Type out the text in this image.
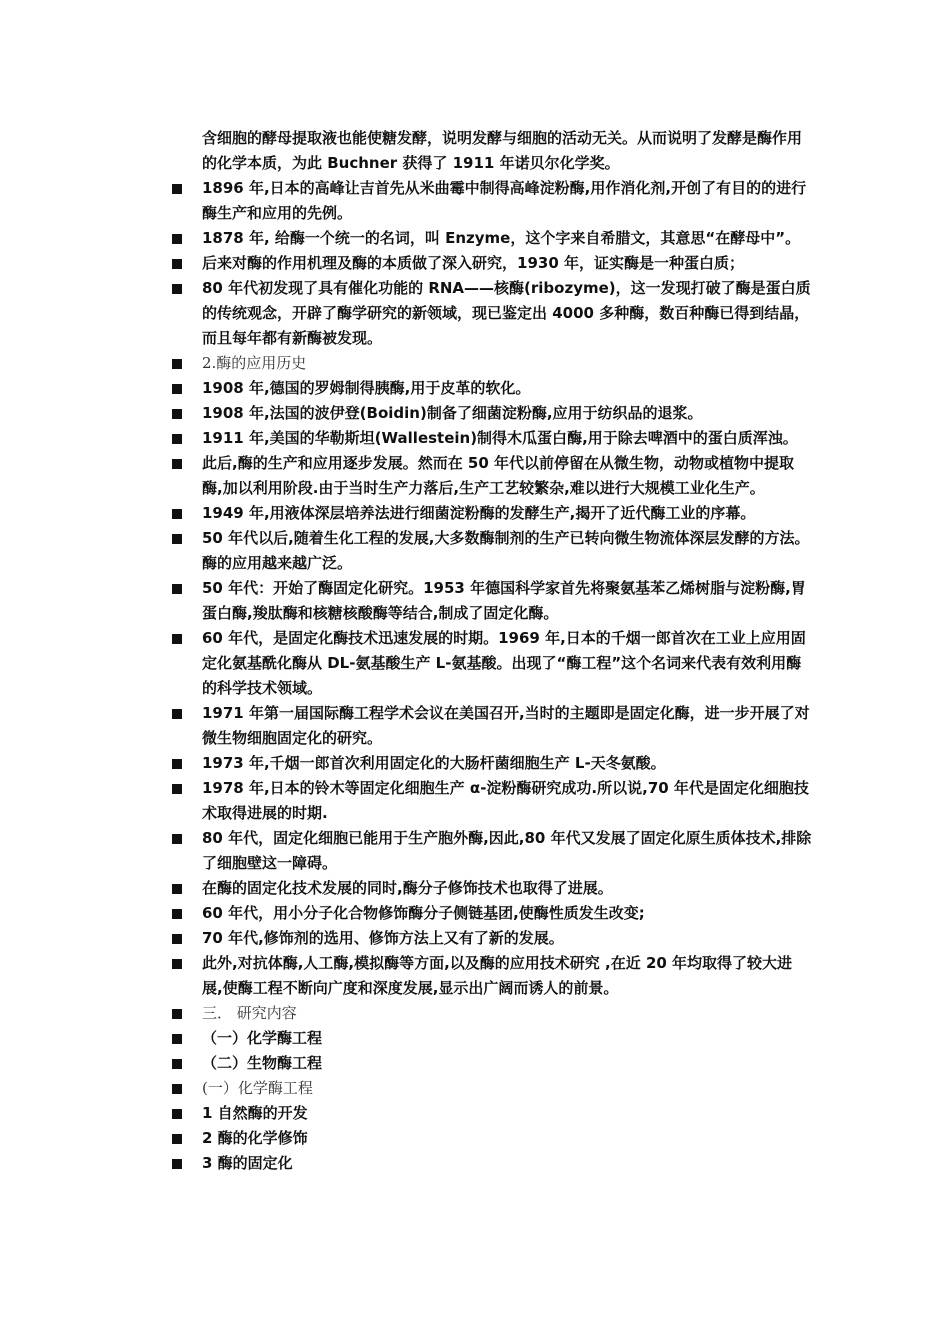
含细胞的酵母提取液也能使糖发酵，说明发酵与细胞的活动无关。从而说明了发酵是酶作用的化学本质，为此 Buchner 获得了 1911 年诺贝尔化学奖。
1896 年,日本的高峰让吉首先从米曲霉中制得高峰淀粉酶,用作消化剂,开创了有目的的进行酶生产和应用的先例。
1878 年, 给酶一个统一的名词，叫 Enzyme，这个字来自希腊文，其意思“在酵母中”。
后来对酶的作用机理及酶的本质做了深入研究，1930 年，证实酶是一种蛋白质；
80 年代初发现了具有催化功能的 RNA——核酶(ribozyme)，这一发现打破了酶是蛋白质的传统观念，开辟了酶学研究的新领域，现已鉴定出 4000 多种酶，数百种酶已得到结晶，而且每年都有新酶被发现。
2.酶的应用历史
1908 年,德国的罗姆制得胰酶,用于皮革的软化。
1908 年,法国的波伊登(Boidin)制备了细菌淀粉酶,应用于纺织品的退浆。
1911 年,美国的华勒斯坦(Wallestein)制得木瓜蛋白酶,用于除去啤酒中的蛋白质浑浊。
此后,酶的生产和应用逐步发展。然而在 50 年代以前停留在从微生物，动物或植物中提取酶,加以利用阶段.由于当时生产力落后,生产工艺较繁杂,难以进行大规模工业化生产。
1949 年,用液体深层培养法进行细菌淀粉酶的发酵生产,揭开了近代酶工业的序幕。
50 年代以后,随着生化工程的发展,大多数酶制剂的生产已转向微生物流体深层发酵的方法。酶的应用越来越广泛。
50 年代：开始了酶固定化研究。1953 年德国科学家首先将聚氨基苯乙烯树脂与淀粉酶,胃蛋白酶,羧肽酶和核糖核酸酶等结合,制成了固定化酶。
60 年代，是固定化酶技术迅速发展的时期。1969 年,日本的千烟一郎首次在工业上应用固定化氨基酰化酶从 DL-氨基酸生产 L-氨基酸。出现了“酶工程”这个名词来代表有效利用酶的科学技术领域。
1971 年第一届国际酶工程学术会议在美国召开,当时的主题即是固定化酶，进一步开展了对微生物细胞固定化的研究。
1973 年,千烟一郎首次利用固定化的大肠杆菌细胞生产 L-天冬氨酸。
1978 年,日本的铃木等固定化细胞生产 α-淀粉酶研究成功.所以说,70 年代是固定化细胞技术取得进展的时期.
80 年代，固定化细胞已能用于生产胞外酶,因此,80 年代又发展了固定化原生质体技术,排除了细胞壁这一障碍。
在酶的固定化技术发展的同时,酶分子修饰技术也取得了进展。
60 年代，用小分子化合物修饰酶分子侧链基团,使酶性质发生改变;
70 年代,修饰剂的选用、修饰方法上又有了新的发展。
此外,对抗体酶,人工酶,模拟酶等方面,以及酶的应用技术研究 ,在近 20 年均取得了较大进展,使酶工程不断向广度和深度发展,显示出广阔而诱人的前景。
三． 研究内容
（一）化学酶工程
（二）生物酶工程
(一）化学酶工程
1 自然酶的开发
2 酶的化学修饰
3 酶的固定化
